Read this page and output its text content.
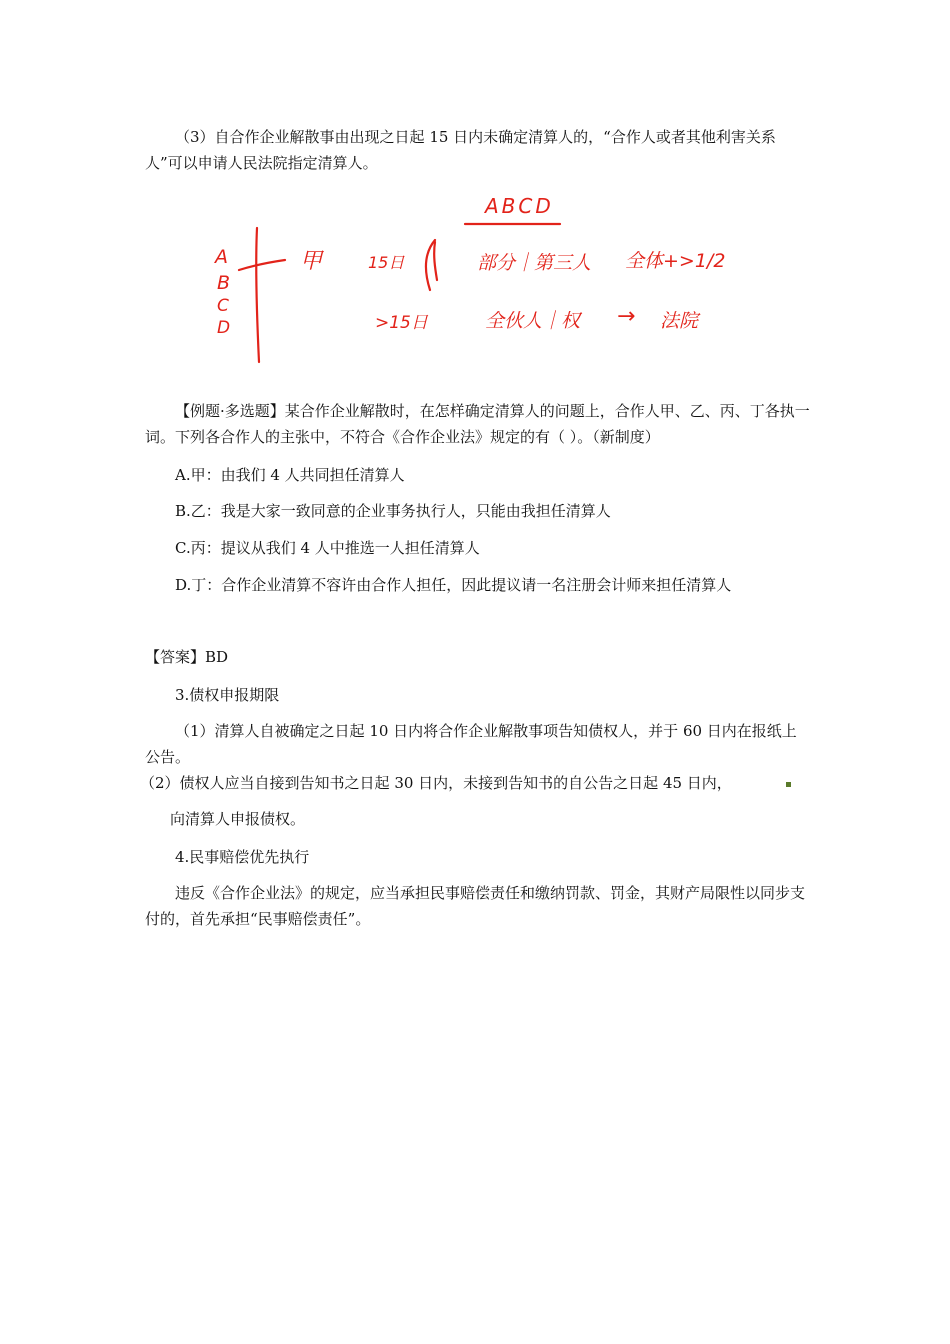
（3）自合作企业解散事由出现之日起 15 日内未确定清算人的，“合作人或者其他利害关系人”可以申请人民法院指定清算人。
A
B
C
D
甲	15日
ABCD
部分｜第三人 全体+>1/2
>15日	全伙人｜权 → 法院
【例题·多选题】某合作企业解散时，在怎样确定清算人的问题上，合作人甲、乙、丙、丁各执一词。下列各合作人的主张中，不符合《合作企业法》规定的有（ ）。（新制度）
A.甲：由我们 4 人共同担任清算人
B.乙：我是大家一致同意的企业事务执行人，只能由我担任清算人
C.丙：提议从我们 4 人中推选一人担任清算人
D.丁：合作企业清算不容许由合作人担任，因此提议请一名注册会计师来担任清算人
【答案】BD
3.债权申报期限
（1）清算人自被确定之日起 10 日内将合作企业解散事项告知债权人，并于 60 日内在报纸上公告。
（2）债权人应当自接到告知书之日起 30 日内，未接到告知书的自公告之日起 45 日内，
向清算人申报债权。
4.民事赔偿优先执行
违反《合作企业法》的规定，应当承担民事赔偿责任和缴纳罚款、罚金，其财产局限性以同步支付的，首先承担“民事赔偿责任”。
